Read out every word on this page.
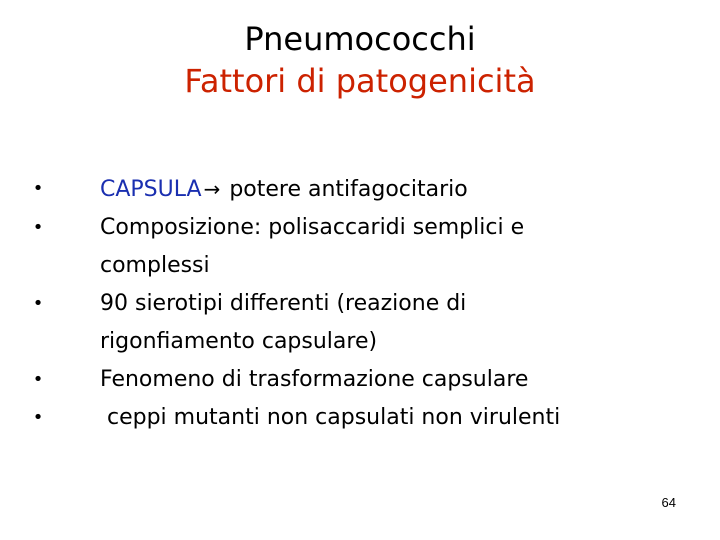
Pneumococchi
Fattori di patogenicità
•	CAPSULA → potere antifagocitario
•	Composizione: polisaccaridi semplici e
complessi
•	90 sierotipi differenti (reazione di
rigonfiamento capsulare)
•	Fenomeno di trasformazione capsulare
•	ceppi mutanti non capsulati non virulenti
64
